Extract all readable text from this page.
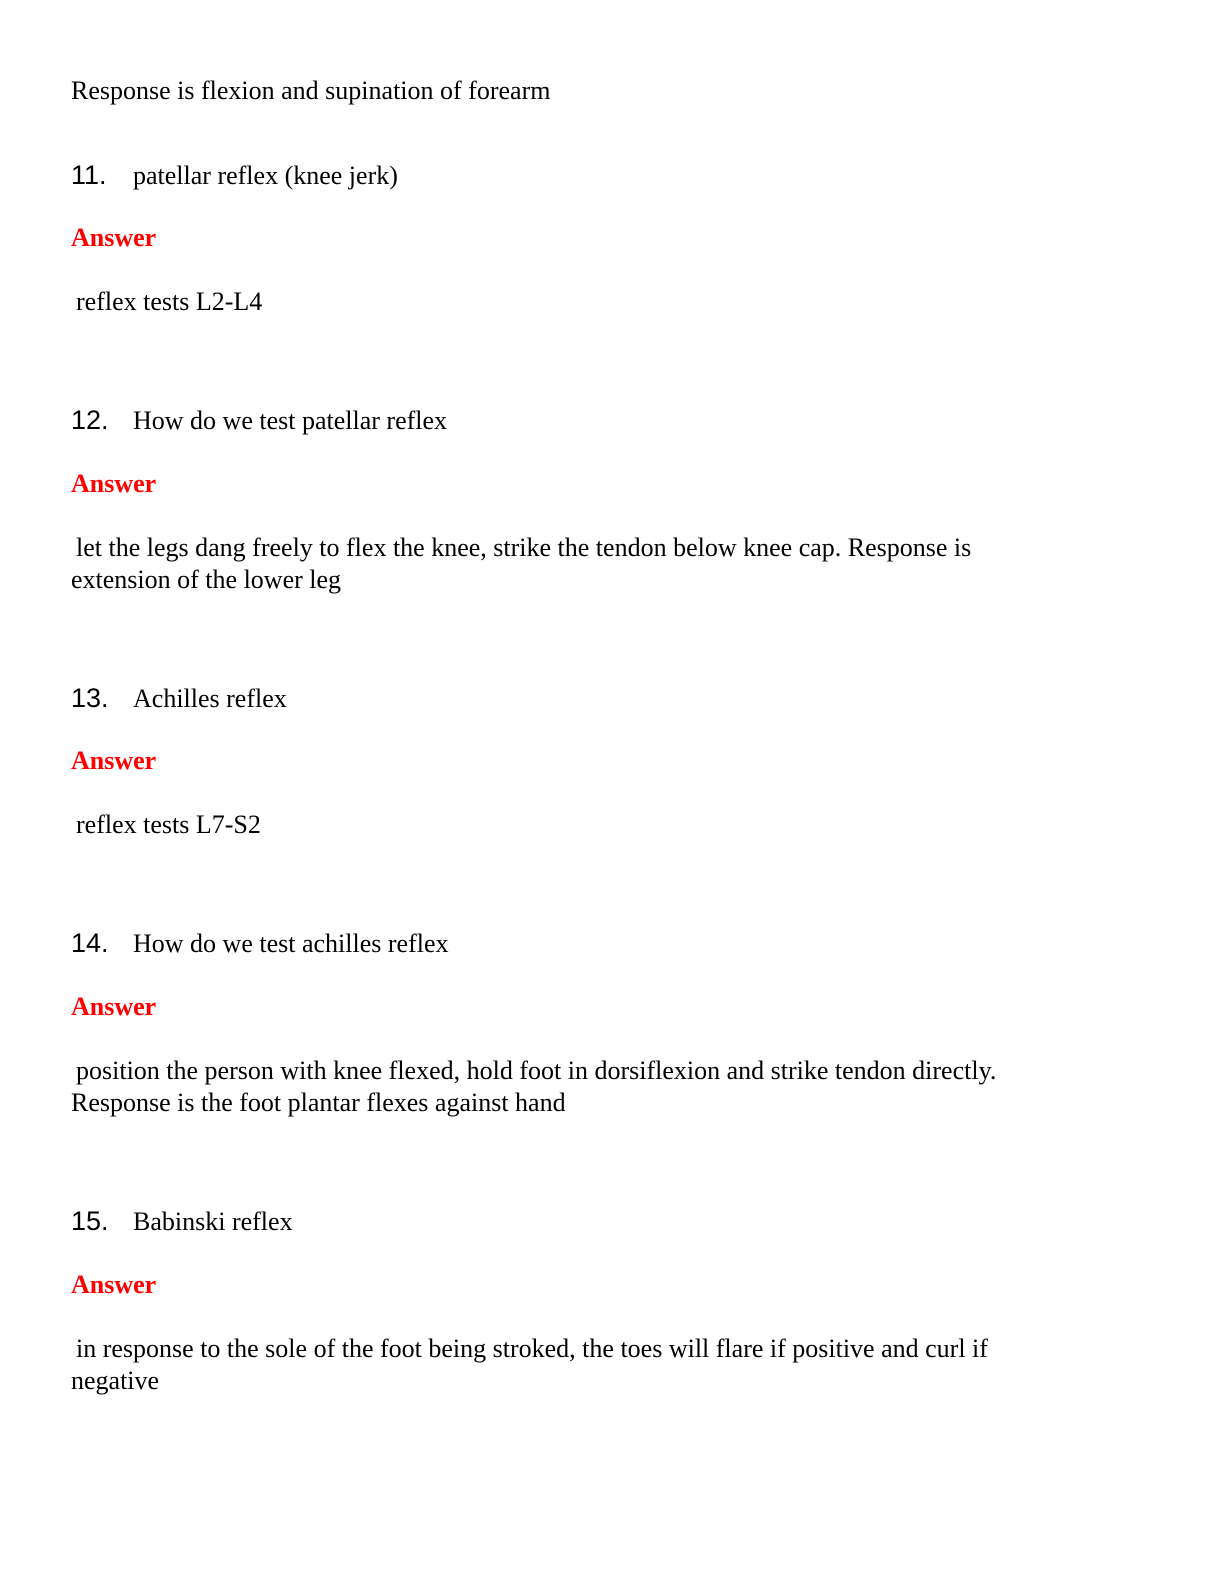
Response is flexion and supination of forearm
11. patellar reflex (knee jerk)
Answer
reflex tests L2-L4
12. How do we test patellar reflex
Answer
let the legs dang freely to flex the knee, strike the tendon below knee cap. Response is
extension of the lower leg
13. Achilles reflex
Answer
reflex tests L7-S2
14. How do we test achilles reflex
Answer
position the person with knee flexed, hold foot in dorsiflexion and strike tendon directly.
Response is the foot plantar flexes against hand
15. Babinski reflex
Answer
in response to the sole of the foot being stroked, the toes will flare if positive and curl if
negative
